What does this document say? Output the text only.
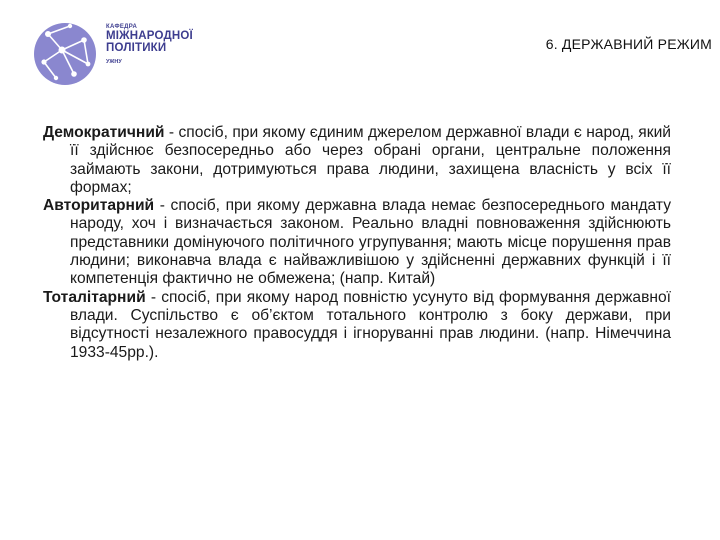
КАФЕДРА
МІЖНАРОДНОЇ
ПОЛІТИКИ
УЖНУ
6. ДЕРЖАВНИЙ РЕЖИМ

Демократичний - спосіб, при якому єдиним джерелом державної влади є народ, який її здійснює безпосередньо або через обрані органи, центральне положення займають закони, дотримуються права людини, захищена власність у всіх її формах;

Авторитарний - спосіб, при якому державна влада немає безпосереднього мандату народу, хоч і визначається законом. Реально владні повноваження здійснюють представники домінуючого політичного угрупування; мають місце порушення прав людини; виконавча влада є найважливішою у здійсненні державних функцій і її компетенція фактично не обмежена; (напр. Китай)

Тоталітарний - спосіб, при якому народ повністю усунуто від формування державної влади. Суспільство є об’єктом тотального контролю з боку держави, при відсутності незалежного правосуддя і ігноруванні прав людини. (напр. Німеччина 1933-45рр.).
